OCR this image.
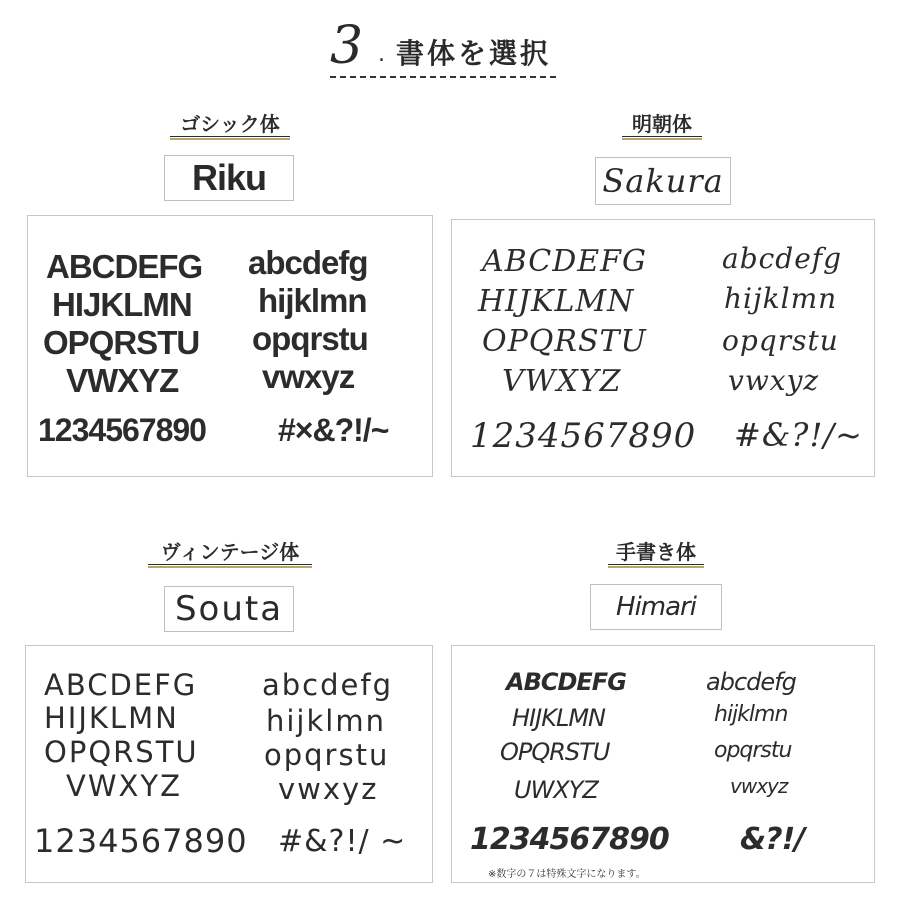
3 . 書体を選択
ゴシック体
Riku
ABCDEFG
HIJKLMN
OPQRSTU
VWXYZ
abcdefg
hijklmn
opqrstu
vwxyz
1234567890 #×&?!/~
明朝体
Sakura
ABCDEFG
HIJKLMN
OPQRSTU
VWXYZ
abcdefg
hijklmn
opqrstu
vwxyz
1234567890 #&?!/~
ヴィンテージ体
Souta
ABCDEFG
HIJKLMN
OPQRSTU
VWXYZ
abcdefg
hijklmn
opqrstu
vwxyz
1234567890 #&?!/ ~
手書き体
Himari
ABCDEFG
HIJKLMN
OPQRSTU
UWXYZ
abcdefg
hijklmn
opqrstu
vwxyz
1234567890 &?!/
※数字の７は特殊文字になります。
